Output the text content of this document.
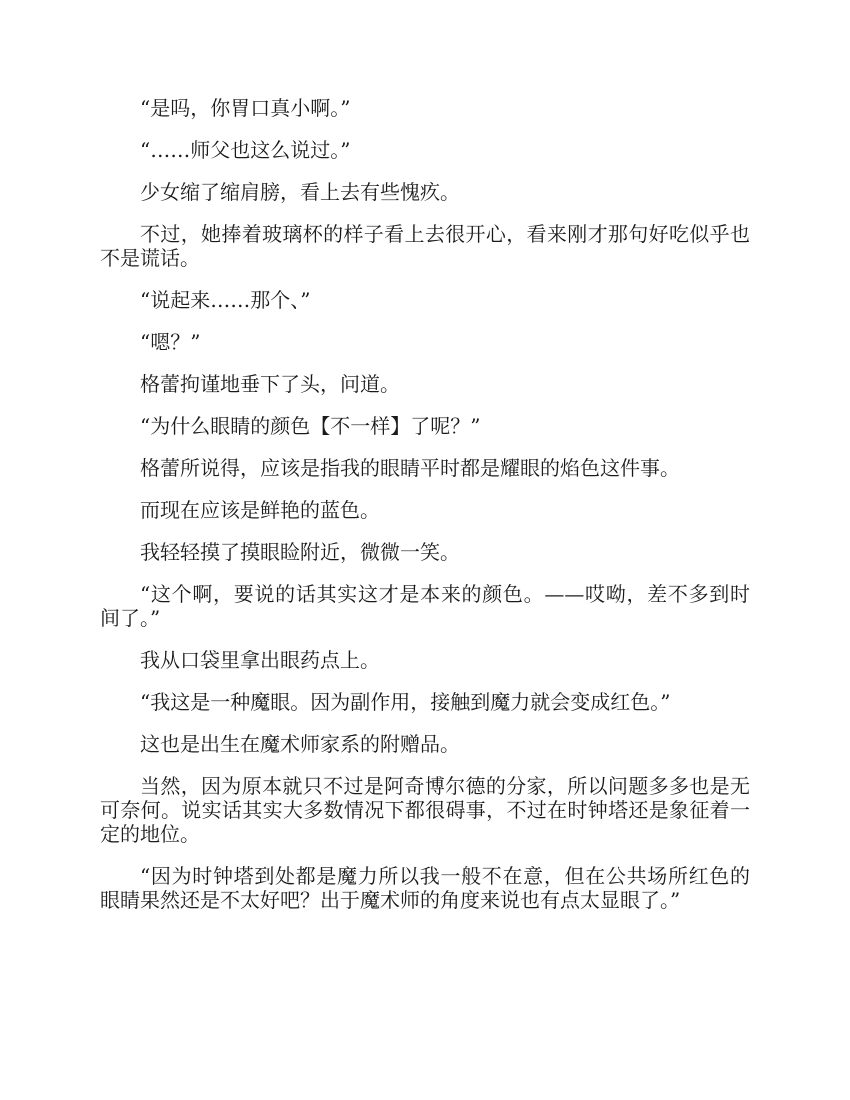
“是吗，你胃口真小啊。”

“……师父也这么说过。”

少女缩了缩肩膀，看上去有些愧疚。

不过，她捧着玻璃杯的样子看上去很开心，看来刚才那句好吃似乎也不是谎话。

“说起来……那个、”

“嗯？”

格蕾拘谨地垂下了头，问道。

“为什么眼睛的颜色【不一样】了呢？”

格蕾所说得，应该是指我的眼睛平时都是耀眼的焰色这件事。

而现在应该是鲜艳的蓝色。

我轻轻摸了摸眼睑附近，微微一笑。

“这个啊，要说的话其实这才是本来的颜色。——哎呦，差不多到时间了。”

我从口袋里拿出眼药点上。

“我这是一种魔眼。因为副作用，接触到魔力就会变成红色。”

这也是出生在魔术师家系的附赠品。

当然，因为原本就只不过是阿奇博尔德的分家，所以问题多多也是无可奈何。说实话其实大多数情况下都很碍事，不过在时钟塔还是象征着一定的地位。

“因为时钟塔到处都是魔力所以我一般不在意，但在公共场所红色的眼睛果然还是不太好吧？出于魔术师的角度来说也有点太显眼了。”
